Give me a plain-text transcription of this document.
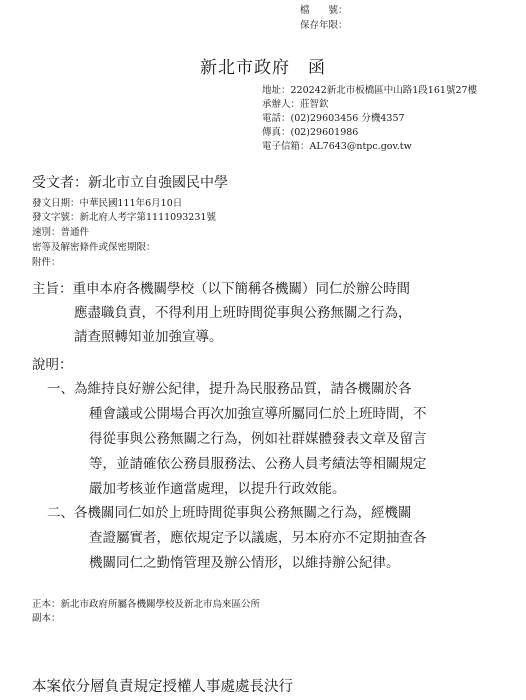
檔　　號：
保存年限：
新北市政府　函
地址：220242新北市板橋區中山路1段161號27樓
承辦人：莊智欽
電話：(02)29603456 分機4357
傳真：(02)29601986
電子信箱：AL7643@ntpc.gov.tw
受文者：新北市立自強國民中學
發文日期：中華民國111年6月10日
發文字號：新北府人考字第1111093231號
速別：普通件
密等及解密條件或保密期限：
附件：
主旨：重申本府各機關學校（以下簡稱各機關）同仁於辦公時間
應盡職負責，不得利用上班時間從事與公務無關之行為，
請查照轉知並加強宣導。
說明：
一、為維持良好辦公紀律，提升為民服務品質，請各機關於各
種會議或公開場合再次加強宣導所屬同仁於上班時間，不
得從事與公務無關之行為，例如社群媒體發表文章及留言
等，並請確依公務員服務法、公務人員考績法等相關規定
嚴加考核並作適當處理，以提升行政效能。
二、各機關同仁如於上班時間從事與公務無關之行為，經機關
查證屬實者，應依規定予以議處，另本府亦不定期抽查各
機關同仁之勤惰管理及辦公情形，以維持辦公紀律。
正本：新北市政府所屬各機關學校及新北市烏來區公所
副本：
本案依分層負責規定授權人事處處長決行
